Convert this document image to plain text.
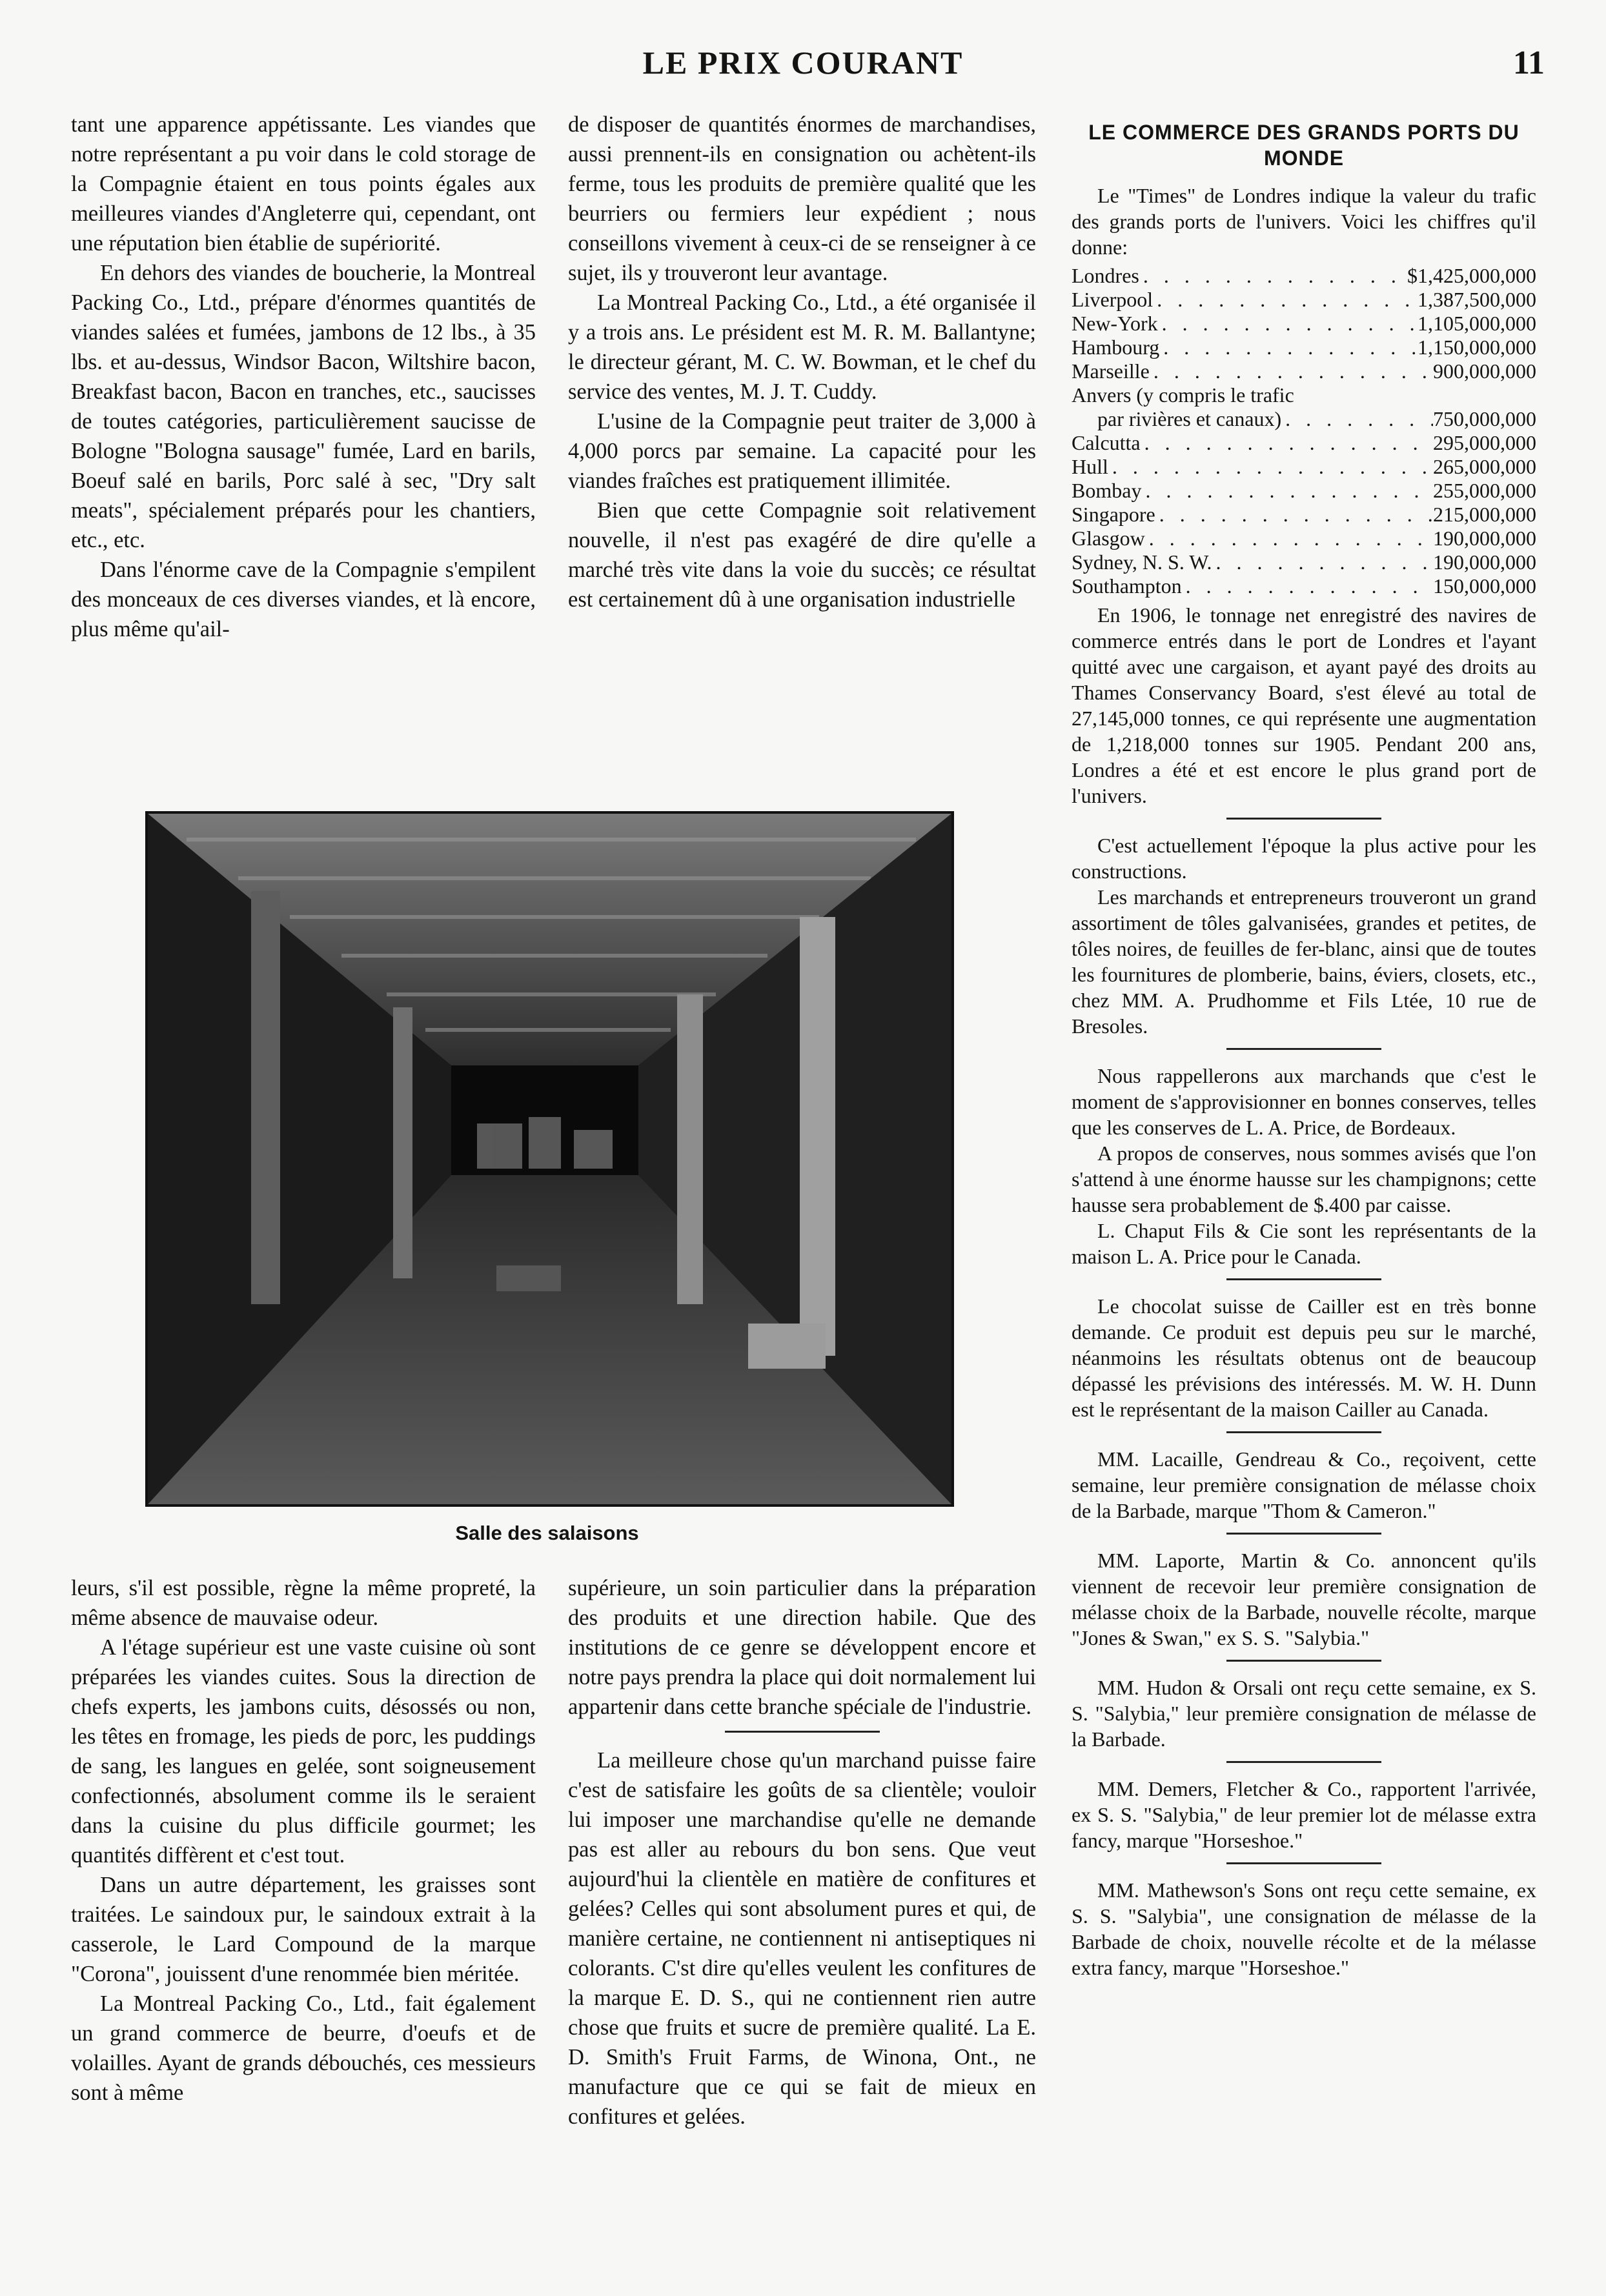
LE PRIX COURANT	11

tant une apparence appétissante. Les viandes que notre représentant a pu voir dans le cold storage de la Compagnie étaient en tous points égales aux meilleures viandes d'Angleterre qui, cependant, ont une réputation bien établie de supériorité.

En dehors des viandes de boucherie, la Montreal Packing Co., Ltd., prépare d'énormes quantités de viandes salées et fumées, jambons de 12 lbs., à 35 lbs. et au-dessus, Windsor Bacon, Wiltshire bacon, Breakfast bacon, Bacon en tranches, etc., saucisses de toutes catégories, particulièrement saucisse de Bologne "Bologna sausage" fumée, Lard en barils, Boeuf salé en barils, Porc salé à sec, "Dry salt meats", spécialement préparés pour les chantiers, etc., etc.

Dans l'énorme cave de la Compagnie s'empilent des monceaux de ces diverses viandes, et là encore, plus même qu'ail-

de disposer de quantités énormes de marchandises, aussi prennent-ils en consignation ou achètent-ils ferme, tous les produits de première qualité que les beurriers ou fermiers leur expédient ; nous conseillons vivement à ceux-ci de se renseigner à ce sujet, ils y trouveront leur avantage.

La Montreal Packing Co., Ltd., a été organisée il y a trois ans. Le président est M. R. M. Ballantyne; le directeur gérant, M. C. W. Bowman, et le chef du service des ventes, M. J. T. Cuddy.

L'usine de la Compagnie peut traiter de 3,000 à 4,000 porcs par semaine. La capacité pour les viandes fraîches est pratiquement illimitée.

Bien que cette Compagnie soit relativement nouvelle, il n'est pas exagéré de dire qu'elle a marché très vite dans la voie du succès; ce résultat est certainement dû à une organisation industrielle

Salle des salaisons

leurs, s'il est possible, règne la même propreté, la même absence de mauvaise odeur.

A l'étage supérieur est une vaste cuisine où sont préparées les viandes cuites. Sous la direction de chefs experts, les jambons cuits, désossés ou non, les têtes en fromage, les pieds de porc, les puddings de sang, les langues en gelée, sont soigneusement confectionnés, absolument comme ils le seraient dans la cuisine du plus difficile gourmet; les quantités diffèrent et c'est tout.

Dans un autre département, les graisses sont traitées. Le saindoux pur, le saindoux extrait à la casserole, le Lard Compound de la marque "Corona", jouissent d'une renommée bien méritée.

La Montreal Packing Co., Ltd., fait également un grand commerce de beurre, d'oeufs et de volailles. Ayant de grands débouchés, ces messieurs sont à même

supérieure, un soin particulier dans la préparation des produits et une direction habile. Que des institutions de ce genre se développent encore et notre pays prendra la place qui doit normalement lui appartenir dans cette branche spéciale de l'industrie.

La meilleure chose qu'un marchand puisse faire c'est de satisfaire les goûts de sa clientèle; vouloir lui imposer une marchandise qu'elle ne demande pas est aller au rebours du bon sens. Que veut aujourd'hui la clientèle en matière de confitures et gelées? Celles qui sont absolument pures et qui, de manière certaine, ne contiennent ni antiseptiques ni colorants. C'st dire qu'elles veulent les confitures de la marque E. D. S., qui ne contiennent rien autre chose que fruits et sucre de première qualité. La E. D. Smith's Fruit Farms, de Winona, Ont., ne manufacture que ce qui se fait de mieux en confitures et gelées.

LE COMMERCE DES GRANDS PORTS DU MONDE

Le "Times" de Londres indique la valeur du trafic des grands ports de l'univers. Voici les chiffres qu'il donne:

Londres . . .	$1,425,000,000
Liverpool . . .	1,387,500,000
New-York . . .	1,105,000,000
Hambourg . . .	1,150,000,000
Marseille . . .	900,000,000
Anvers (y compris le trafic
par rivières et canaux) . . .	750,000,000
Calcutta . . .	295,000,000
Hull . . .	265,000,000
Bombay . . .	255,000,000
Singapore . . .	215,000,000
Glasgow . . .	190,000,000
Sydney, N. S. W. . . .	190,000,000
Southampton . . .	150,000,000

En 1906, le tonnage net enregistré des navires de commerce entrés dans le port de Londres et l'ayant quitté avec une cargaison, et ayant payé des droits au Thames Conservancy Board, s'est élevé au total de 27,145,000 tonnes, ce qui représente une augmentation de 1,218,000 tonnes sur 1905. Pendant 200 ans, Londres a été et est encore le plus grand port de l'univers.

C'est actuellement l'époque la plus active pour les constructions.

Les marchands et entrepreneurs trouveront un grand assortiment de tôles galvanisées, grandes et petites, de tôles noires, de feuilles de fer-blanc, ainsi que de toutes les fournitures de plomberie, bains, éviers, closets, etc., chez MM. A. Prudhomme et Fils Ltée, 10 rue de Bresoles.

Nous rappellerons aux marchands que c'est le moment de s'approvisionner en bonnes conserves, telles que les conserves de L. A. Price, de Bordeaux.

A propos de conserves, nous sommes avisés que l'on s'attend à une énorme hausse sur les champignons; cette hausse sera probablement de $.400 par caisse.

L. Chaput Fils & Cie sont les représentants de la maison L. A. Price pour le Canada.

Le chocolat suisse de Cailler est en très bonne demande. Ce produit est depuis peu sur le marché, néanmoins les résultats obtenus ont de beaucoup dépassé les prévisions des intéressés. M. W. H. Dunn est le représentant de la maison Cailler au Canada.

MM. Lacaille, Gendreau & Co., reçoivent, cette semaine, leur première consignation de mélasse choix de la Barbade, marque "Thom & Cameron."

MM. Laporte, Martin & Co. annoncent qu'ils viennent de recevoir leur première consignation de mélasse choix de la Barbade, nouvelle récolte, marque "Jones & Swan," ex S. S. "Salybia."

MM. Hudon & Orsali ont reçu cette semaine, ex S. S. "Salybia," leur première consignation de mélasse de la Barbade.

MM. Demers, Fletcher & Co., rapportent l'arrivée, ex S. S. "Salybia," de leur premier lot de mélasse extra fancy, marque "Horseshoe."

MM. Mathewson's Sons ont reçu cette semaine, ex S. S. "Salybia", une consignation de mélasse de la Barbade de choix, nouvelle récolte et de la mélasse extra fancy, marque "Horseshoe."
